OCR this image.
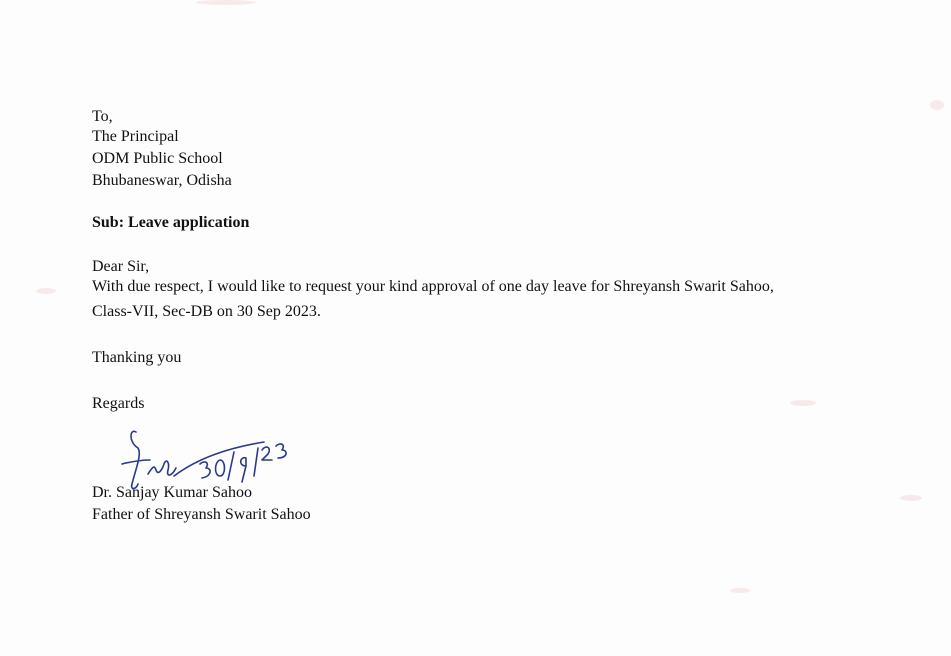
To,
The Principal
ODM Public School
Bhubaneswar, Odisha
Sub: Leave application
Dear Sir,
With due respect, I would like to request your kind approval of one day leave for Shreyansh Swarit Sahoo,
Class-VII, Sec-DB on 30 Sep 2023.
Thanking you
Regards
Dr. Sanjay Kumar Sahoo
Father of Shreyansh Swarit Sahoo
